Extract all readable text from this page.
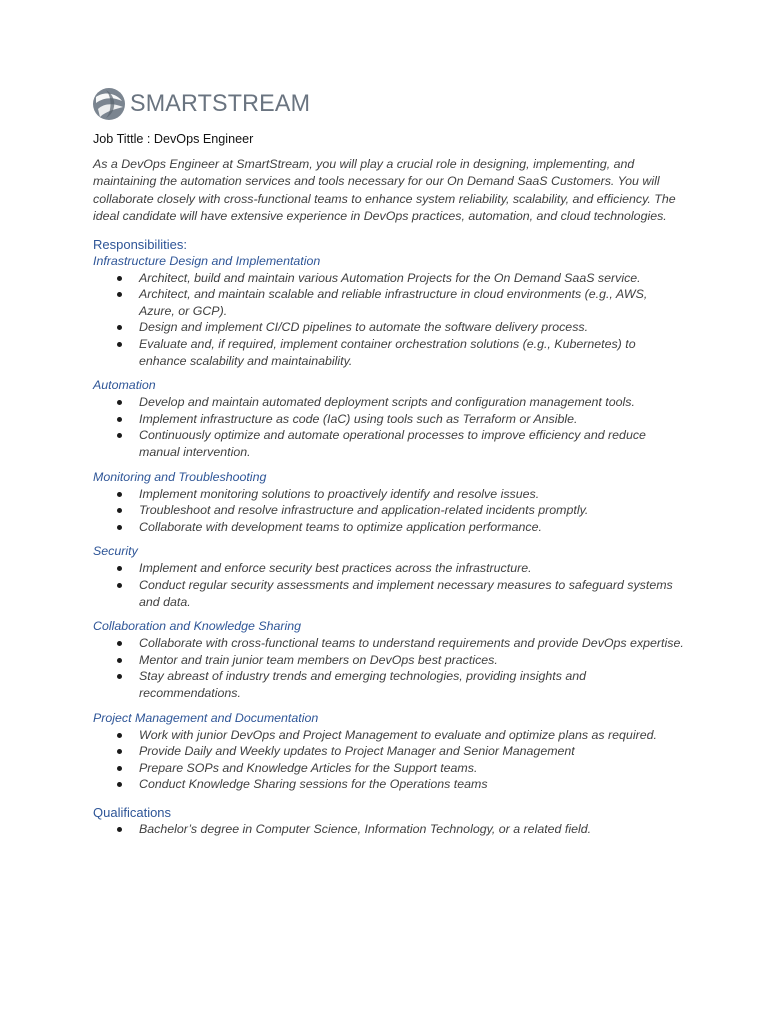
SMARTSTREAM
Job Tittle : DevOps Engineer
As a DevOps Engineer at SmartStream, you will play a crucial role in designing, implementing, and maintaining the automation services and tools necessary for our On Demand SaaS Customers. You will collaborate closely with cross-functional teams to enhance system reliability, scalability, and efficiency. The ideal candidate will have extensive experience in DevOps practices, automation, and cloud technologies.
Responsibilities:
Infrastructure Design and Implementation
Architect, build and maintain various Automation Projects for the On Demand SaaS service.
Architect, and maintain scalable and reliable infrastructure in cloud environments (e.g., AWS, Azure, or GCP).
Design and implement CI/CD pipelines to automate the software delivery process.
Evaluate and, if required, implement container orchestration solutions (e.g., Kubernetes) to enhance scalability and maintainability.
Automation
Develop and maintain automated deployment scripts and configuration management tools.
Implement infrastructure as code (IaC) using tools such as Terraform or Ansible.
Continuously optimize and automate operational processes to improve efficiency and reduce manual intervention.
Monitoring and Troubleshooting
Implement monitoring solutions to proactively identify and resolve issues.
Troubleshoot and resolve infrastructure and application-related incidents promptly.
Collaborate with development teams to optimize application performance.
Security
Implement and enforce security best practices across the infrastructure.
Conduct regular security assessments and implement necessary measures to safeguard systems and data.
Collaboration and Knowledge Sharing
Collaborate with cross-functional teams to understand requirements and provide DevOps expertise.
Mentor and train junior team members on DevOps best practices.
Stay abreast of industry trends and emerging technologies, providing insights and recommendations.
Project Management and Documentation
Work with junior DevOps and Project Management to evaluate and optimize plans as required.
Provide Daily and Weekly updates to Project Manager and Senior Management
Prepare SOPs and Knowledge Articles for the Support teams.
Conduct Knowledge Sharing sessions for the Operations teams
Qualifications
Bachelor’s degree in Computer Science, Information Technology, or a related field.
